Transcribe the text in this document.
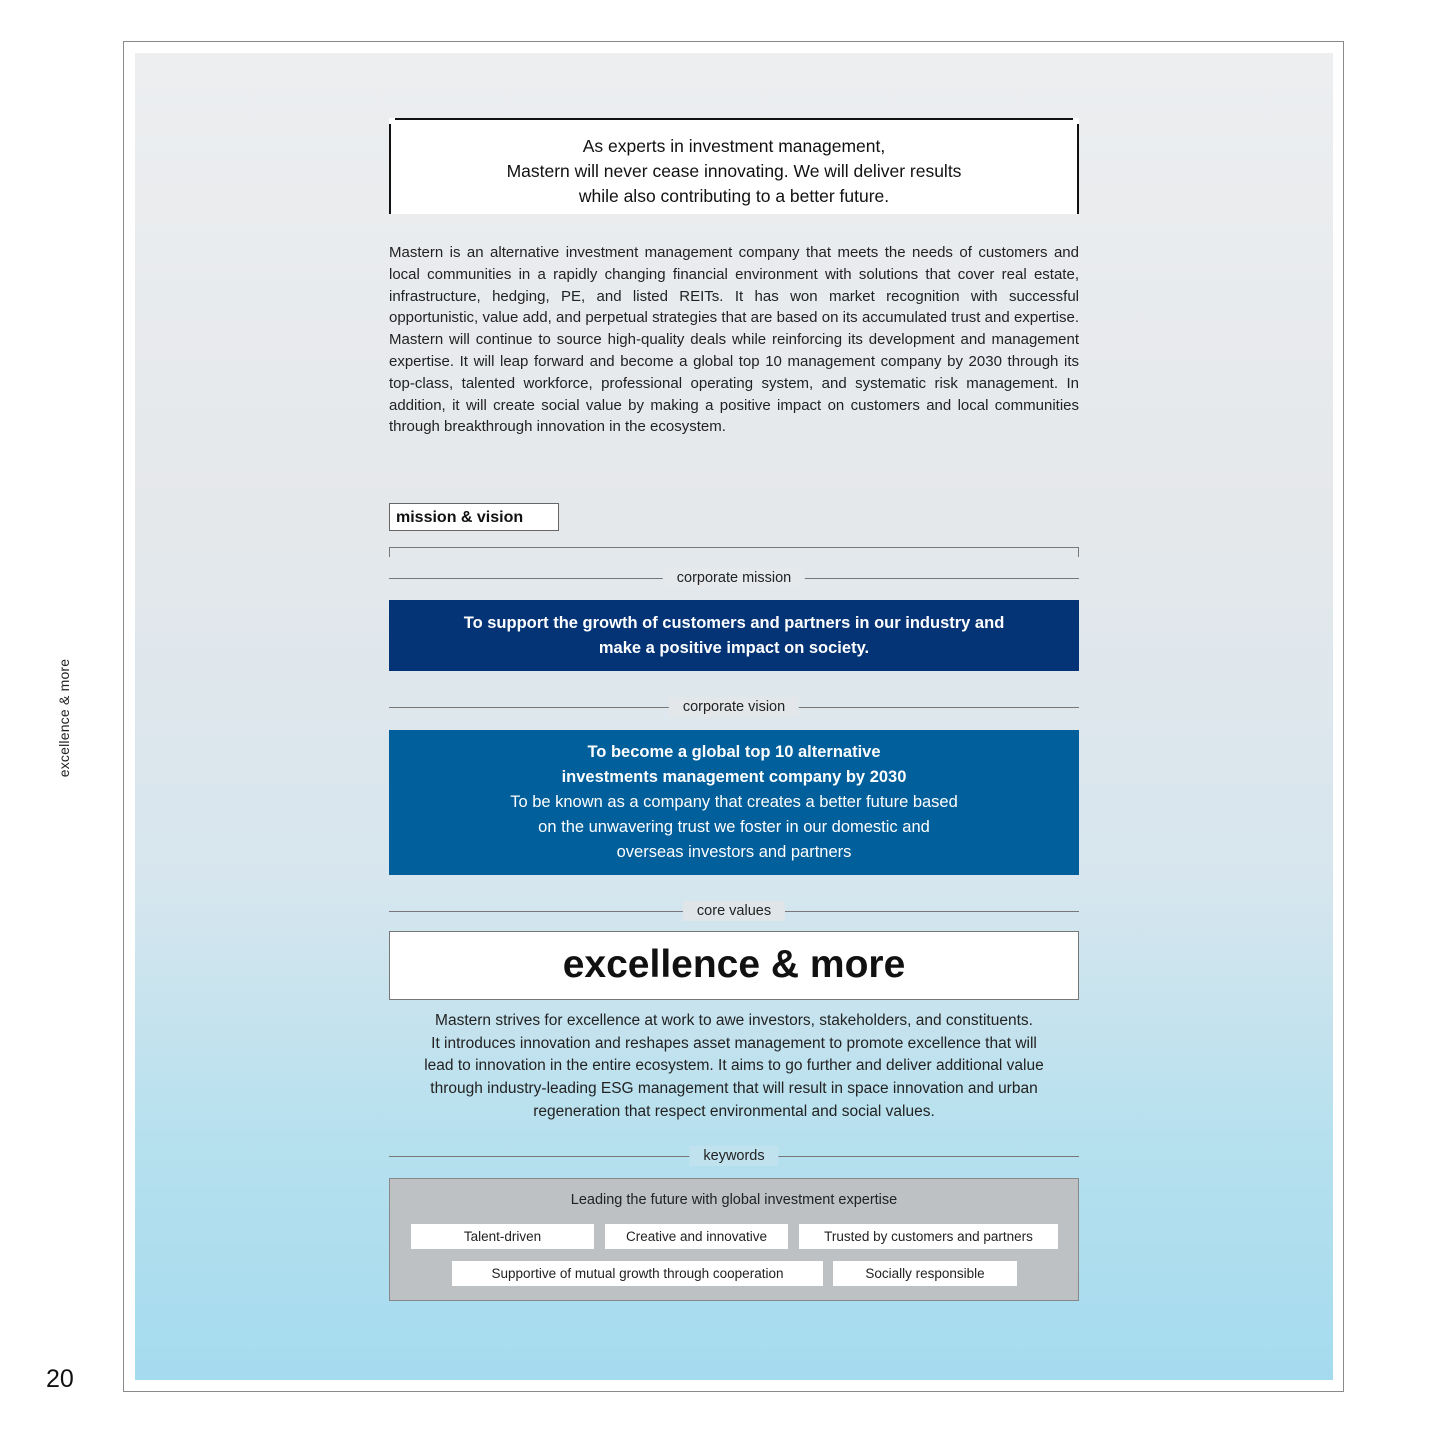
excellence & more
20
As experts in investment management,
Mastern will never cease innovating. We will deliver results
while also contributing to a better future.
Mastern is an alternative investment management company that meets the needs of customers and local communities in a rapidly changing financial environment with solutions that cover real estate, infrastructure, hedging, PE, and listed REITs. It has won market recognition with successful opportunistic, value add, and perpetual strategies that are based on its accumulated trust and expertise. Mastern will continue to source high-quality deals while reinforcing its development and management expertise. It will leap forward and become a global top 10 management company by 2030 through its top-class, talented workforce, professional operating system, and systematic risk management. In addition, it will create social value by making a positive impact on customers and local communities through breakthrough innovation in the ecosystem.
mission & vision
corporate mission
To support the growth of customers and partners in our industry and
make a positive impact on society.
corporate vision
To become a global top 10 alternative
investments management company by 2030
To be known as a company that creates a better future based
on the unwavering trust we foster in our domestic and
overseas investors and partners
core values
excellence & more
Mastern strives for excellence at work to awe investors, stakeholders, and constituents.
It introduces innovation and reshapes asset management to promote excellence that will
lead to innovation in the entire ecosystem. It aims to go further and deliver additional value
through industry-leading ESG management that will result in space innovation and urban
regeneration that respect environmental and social values.
keywords
Leading the future with global investment expertise
Talent-driven	Creative and innovative	Trusted by customers and partners
Supportive of mutual growth through cooperation	Socially responsible
